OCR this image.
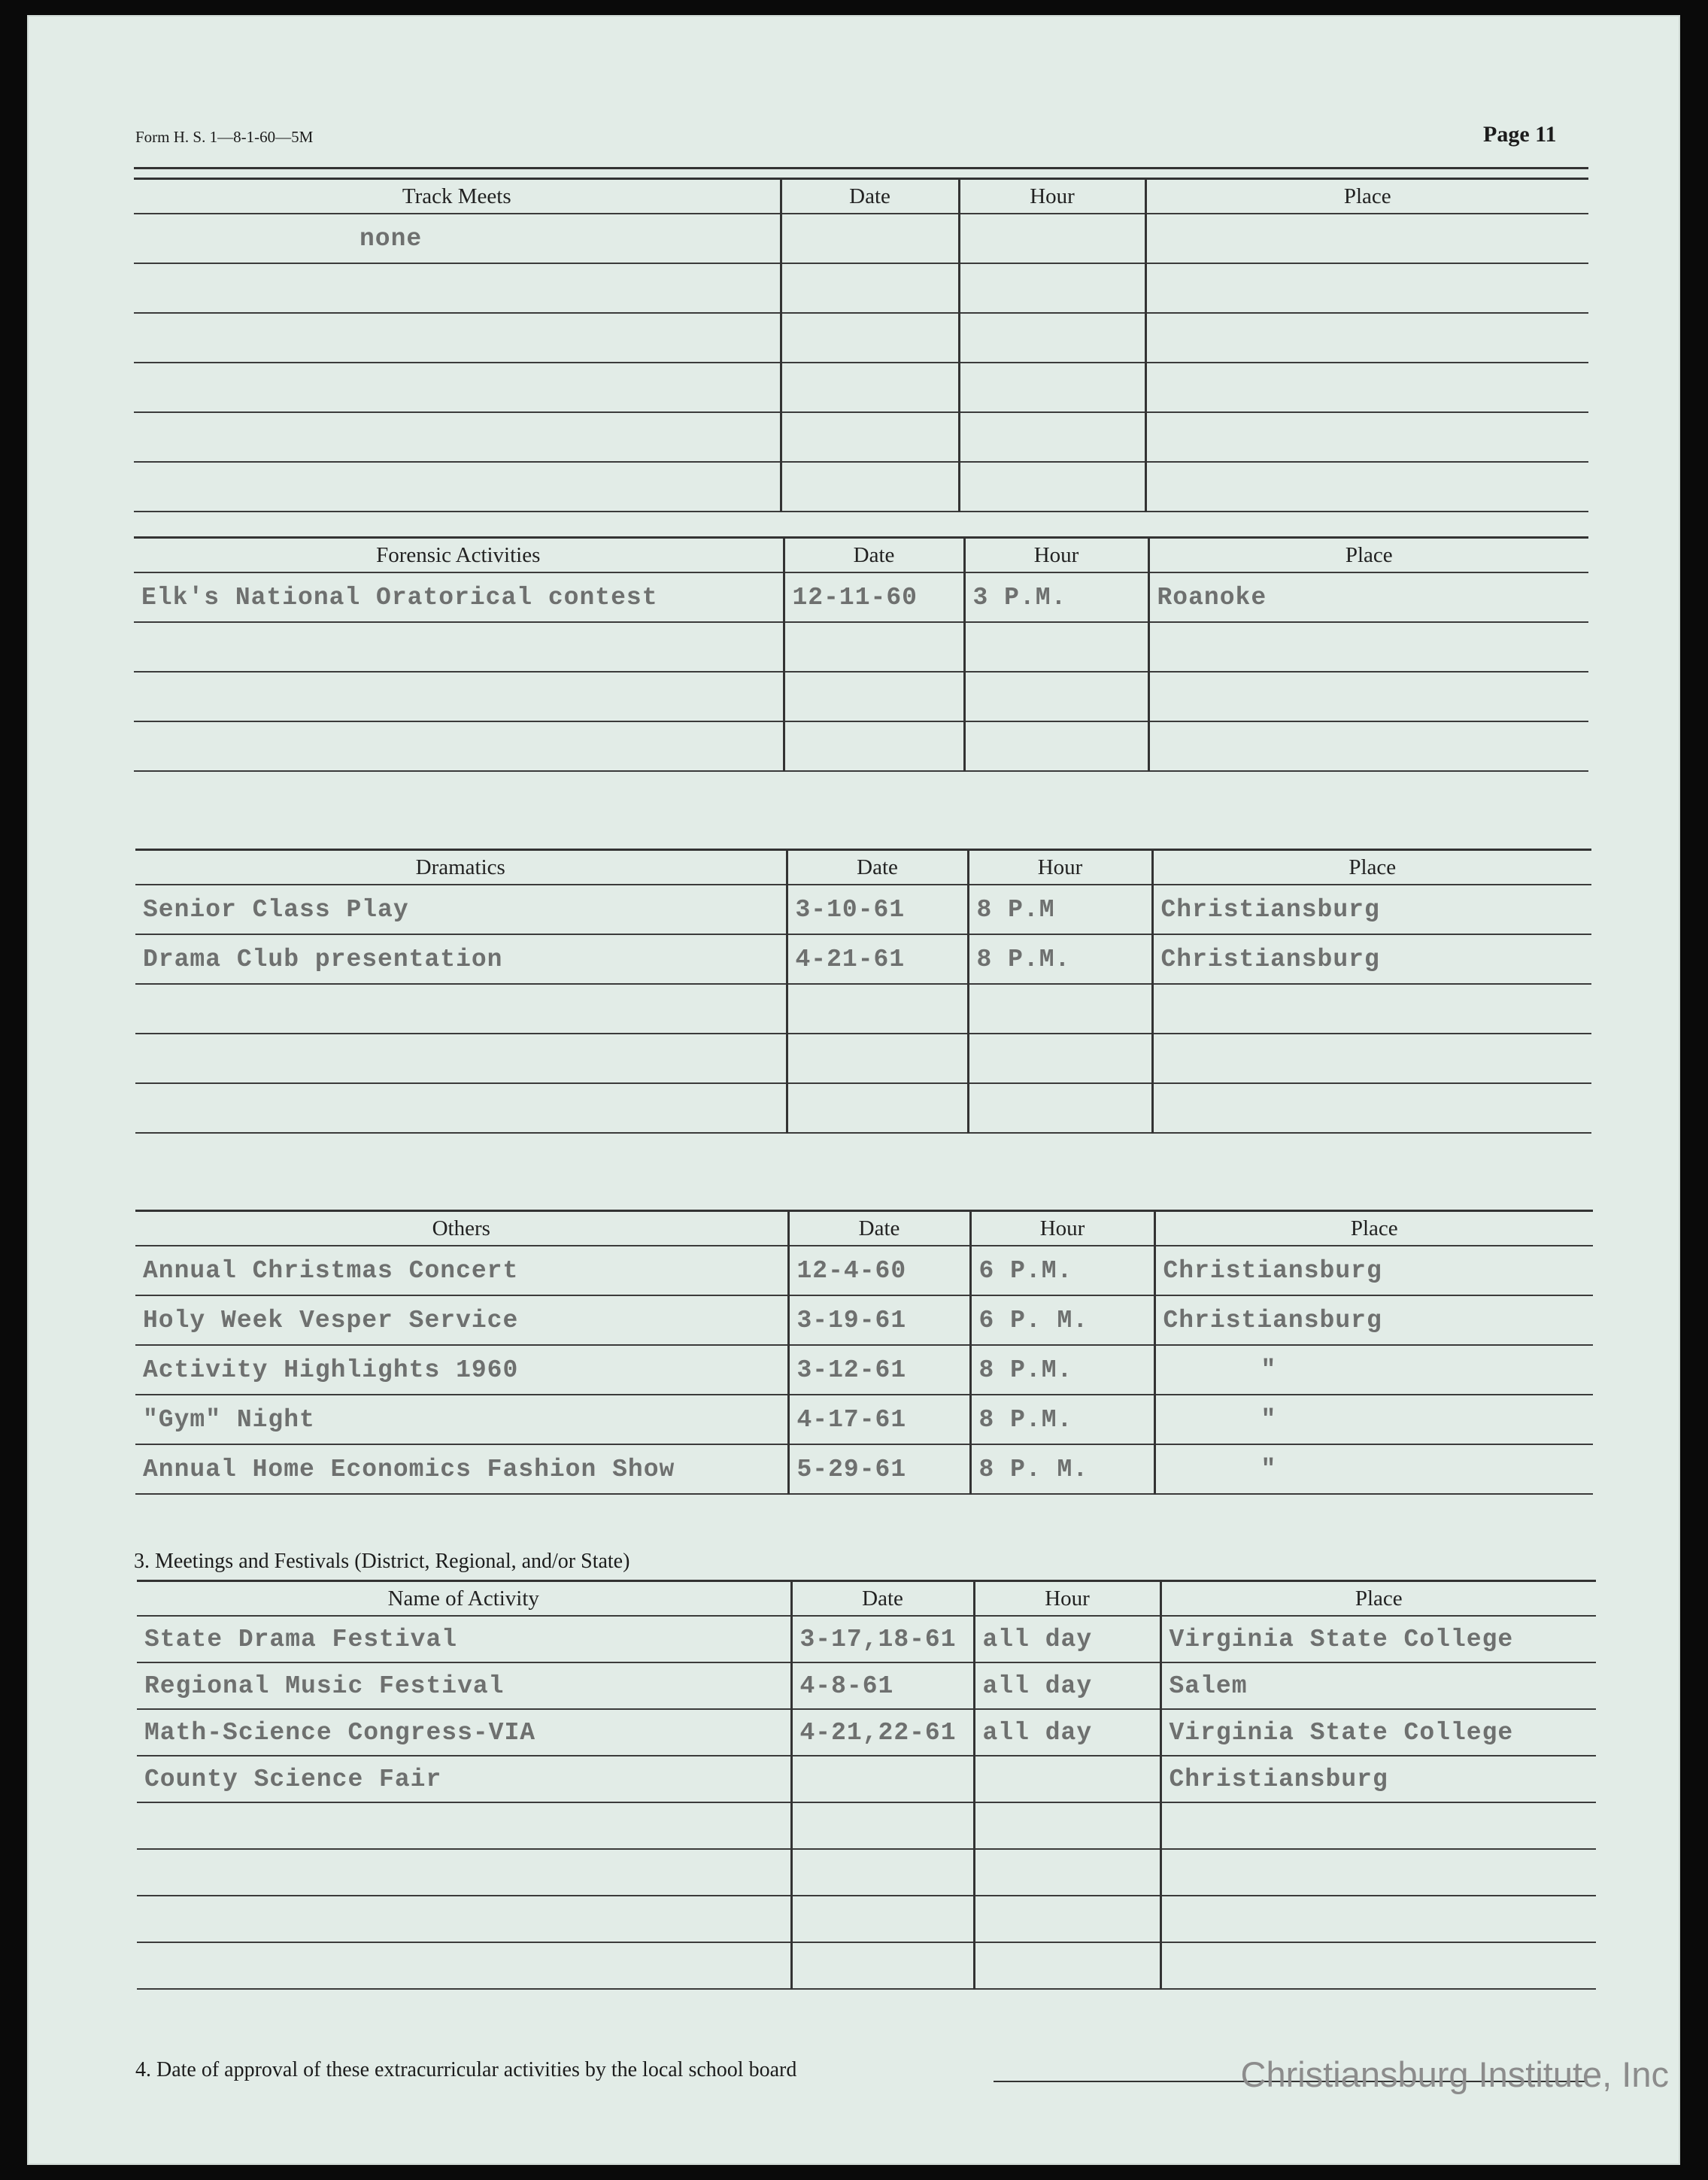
Form H. S. 1—8-1-60—5M	Page 11
Track Meets	Date	Hour	Place
none			

Forensic Activities	Date	Hour	Place
Elk's National Oratorical contest	12-11-60	3 P.M.	Roanoke

Dramatics	Date	Hour	Place
Senior Class Play	3-10-61	8 P.M	Christiansburg
Drama Club presentation	4-21-61	8 P.M.	Christiansburg

Others	Date	Hour	Place
Annual Christmas Concert	12-4-60	6 P.M.	Christiansburg
Holy Week Vesper Service	3-19-61	6 P. M.	Christiansburg
Activity Highlights 1960	3-12-61	8 P.M.	"
"Gym" Night	4-17-61	8 P.M.	"
Annual Home Economics Fashion Show	5-29-61	8 P. M.	"
3. Meetings and Festivals (District, Regional, and/or State)
Name of Activity	Date	Hour	Place
State Drama Festival	3-17,18-61	all day	Virginia State College
Regional Music Festival	4-8-61	all day	Salem
Math-Science Congress-VIA	4-21,22-61	all day	Virginia State College
County Science Fair			Christiansburg

4. Date of approval of these extracurricular activities by the local school board	Christiansburg Institute, Inc
